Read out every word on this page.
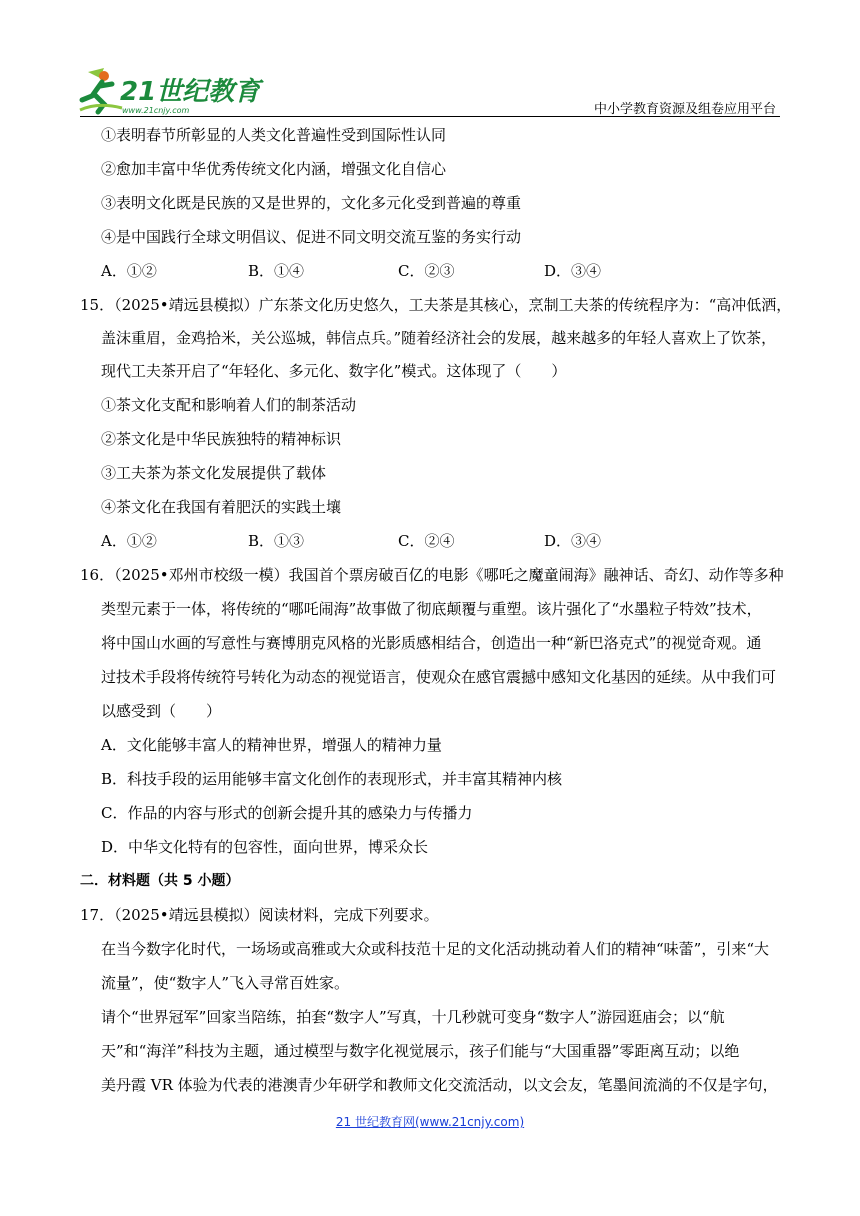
21世纪教育
www.21cnjy.com	中小学教育资源及组卷应用平台
①表明春节所彰显的人类文化普遍性受到国际性认同
②愈加丰富中华优秀传统文化内涵，增强文化自信心
③表明文化既是民族的又是世界的，文化多元化受到普遍的尊重
④是中国践行全球文明倡议、促进不同文明交流互鉴的务实行动
A．①②	B．①④	C．②③	D．③④
15．（2025•靖远县模拟）广东茶文化历史悠久，工夫茶是其核心，烹制工夫茶的传统程序为：“高冲低洒，
盖沫重眉，金鸡拾米，关公巡城，韩信点兵。”随着经济社会的发展，越来越多的年轻人喜欢上了饮茶，
现代工夫茶开启了“年轻化、多元化、数字化”模式。这体现了（　　）
①茶文化支配和影响着人们的制茶活动
②茶文化是中华民族独特的精神标识
③工夫茶为茶文化发展提供了载体
④茶文化在我国有着肥沃的实践土壤
A．①②	B．①③	C．②④	D．③④
16．（2025•邓州市校级一模）我国首个票房破百亿的电影《哪吒之魔童闹海》融神话、奇幻、动作等多种
类型元素于一体，将传统的“哪吒闹海”故事做了彻底颠覆与重塑。该片强化了“水墨粒子特效”技术，
将中国山水画的写意性与赛博朋克风格的光影质感相结合，创造出一种“新巴洛克式”的视觉奇观。通
过技术手段将传统符号转化为动态的视觉语言，使观众在感官震撼中感知文化基因的延续。从中我们可
以感受到（　　）
A．文化能够丰富人的精神世界，增强人的精神力量
B．科技手段的运用能够丰富文化创作的表现形式，并丰富其精神内核
C．作品的内容与形式的创新会提升其的感染力与传播力
D．中华文化特有的包容性，面向世界，博采众长
二．材料题（共 5 小题）
17．（2025•靖远县模拟）阅读材料，完成下列要求。
在当今数字化时代，一场场或高雅或大众或科技范十足的文化活动挑动着人们的精神“味蕾”，引来“大
流量”，使“数字人”飞入寻常百姓家。
请个“世界冠军”回家当陪练，拍套“数字人”写真，十几秒就可变身“数字人”游园逛庙会；以“航
天”和“海洋”科技为主题，通过模型与数字化视觉展示，孩子们能与“大国重器”零距离互动；以绝
美丹霞 VR 体验为代表的港澳青少年研学和教师文化交流活动，以文会友，笔墨间流淌的不仅是字句，
21 世纪教育网(www.21cnjy.com)
